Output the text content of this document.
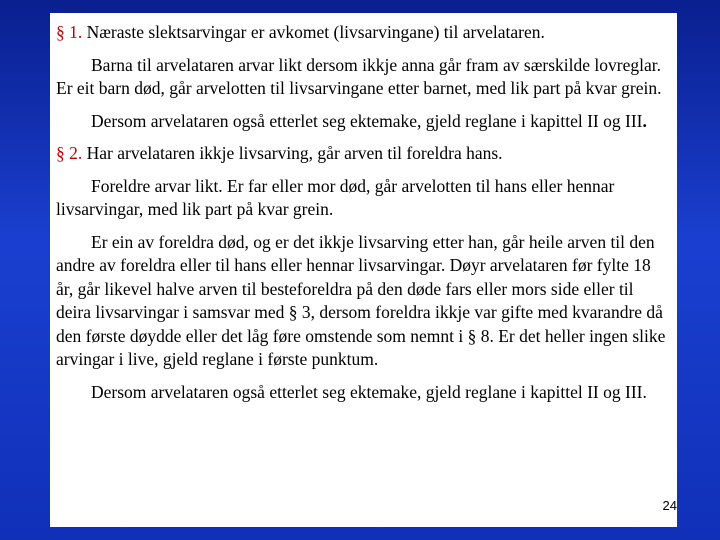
§ 1. Næraste slektsarvingar er avkomet (livsarvingane) til arvelataren.

Barna til arvelataren arvar likt dersom ikkje anna går fram av særskilde lovreglar. Er eit barn død, går arvelotten til livsarvingane etter barnet, med lik part på kvar grein.

Dersom arvelataren også etterlet seg ektemake, gjeld reglane i kapittel II og III.

§ 2. Har arvelataren ikkje livsarving, går arven til foreldra hans.

Foreldre arvar likt. Er far eller mor død, går arvelotten til hans eller hennar livsarvingar, med lik part på kvar grein.

Er ein av foreldra død, og er det ikkje livsarving etter han, går heile arven til den andre av foreldra eller til hans eller hennar livsarvingar. Døyr arvelataren før fylte 18 år, går likevel halve arven til besteforeldra på den døde fars eller mors side eller til deira livsarvingar i samsvar med § 3, dersom foreldra ikkje var gifte med kvarandre då den første døydde eller det låg føre omstende som nemnt i § 8. Er det heller ingen slike arvingar i live, gjeld reglane i første punktum.

Dersom arvelataren også etterlet seg ektemake, gjeld reglane i kapittel II og III.

24
